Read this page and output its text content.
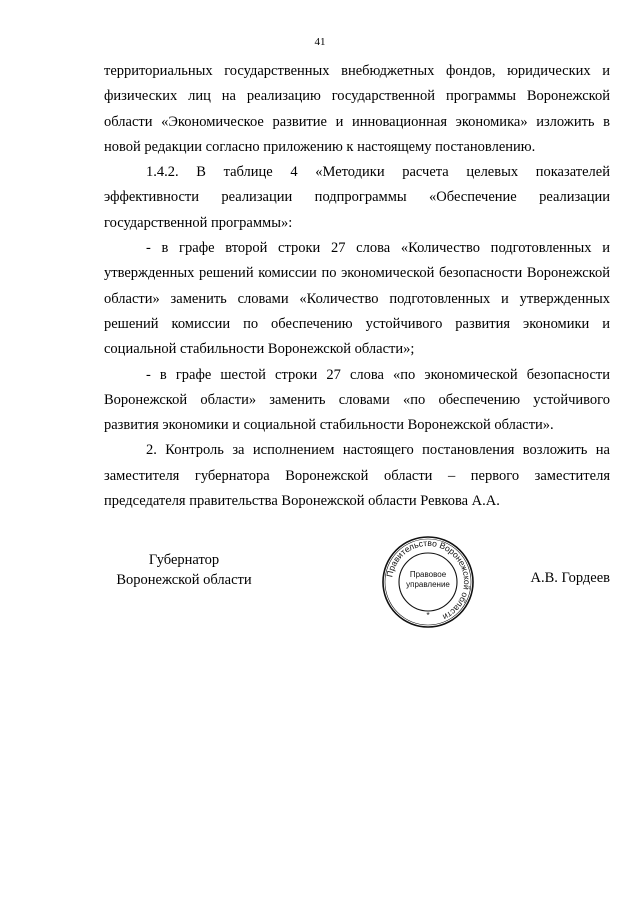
41

территориальных государственных внебюджетных фондов, юридических и физических лиц на реализацию государственной программы Воронежской области «Экономическое развитие и инновационная экономика» изложить в новой редакции согласно приложению к настоящему постановлению.

1.4.2. В таблице 4 «Методики расчета целевых показателей эффективности реализации подпрограммы «Обеспечение реализации государственной программы»:

- в графе второй строки 27 слова «Количество подготовленных и утвержденных решений комиссии по экономической безопасности Воронежской области» заменить словами «Количество подготовленных и утвержденных решений комиссии по обеспечению устойчивого развития экономики и социальной стабильности Воронежской области»;

- в графе шестой строки 27 слова «по экономической безопасности Воронежской области» заменить словами «по обеспечению устойчивого развития экономики и социальной стабильности Воронежской области».

2. Контроль за исполнением настоящего постановления возложить на заместителя губернатора Воронежской области – первого заместителя председателя правительства Воронежской области Ревкова А.А.

Губернатор
Воронежской области	Правительство Воронежской области
*
Правовое
управление	А.В. Гордеев
